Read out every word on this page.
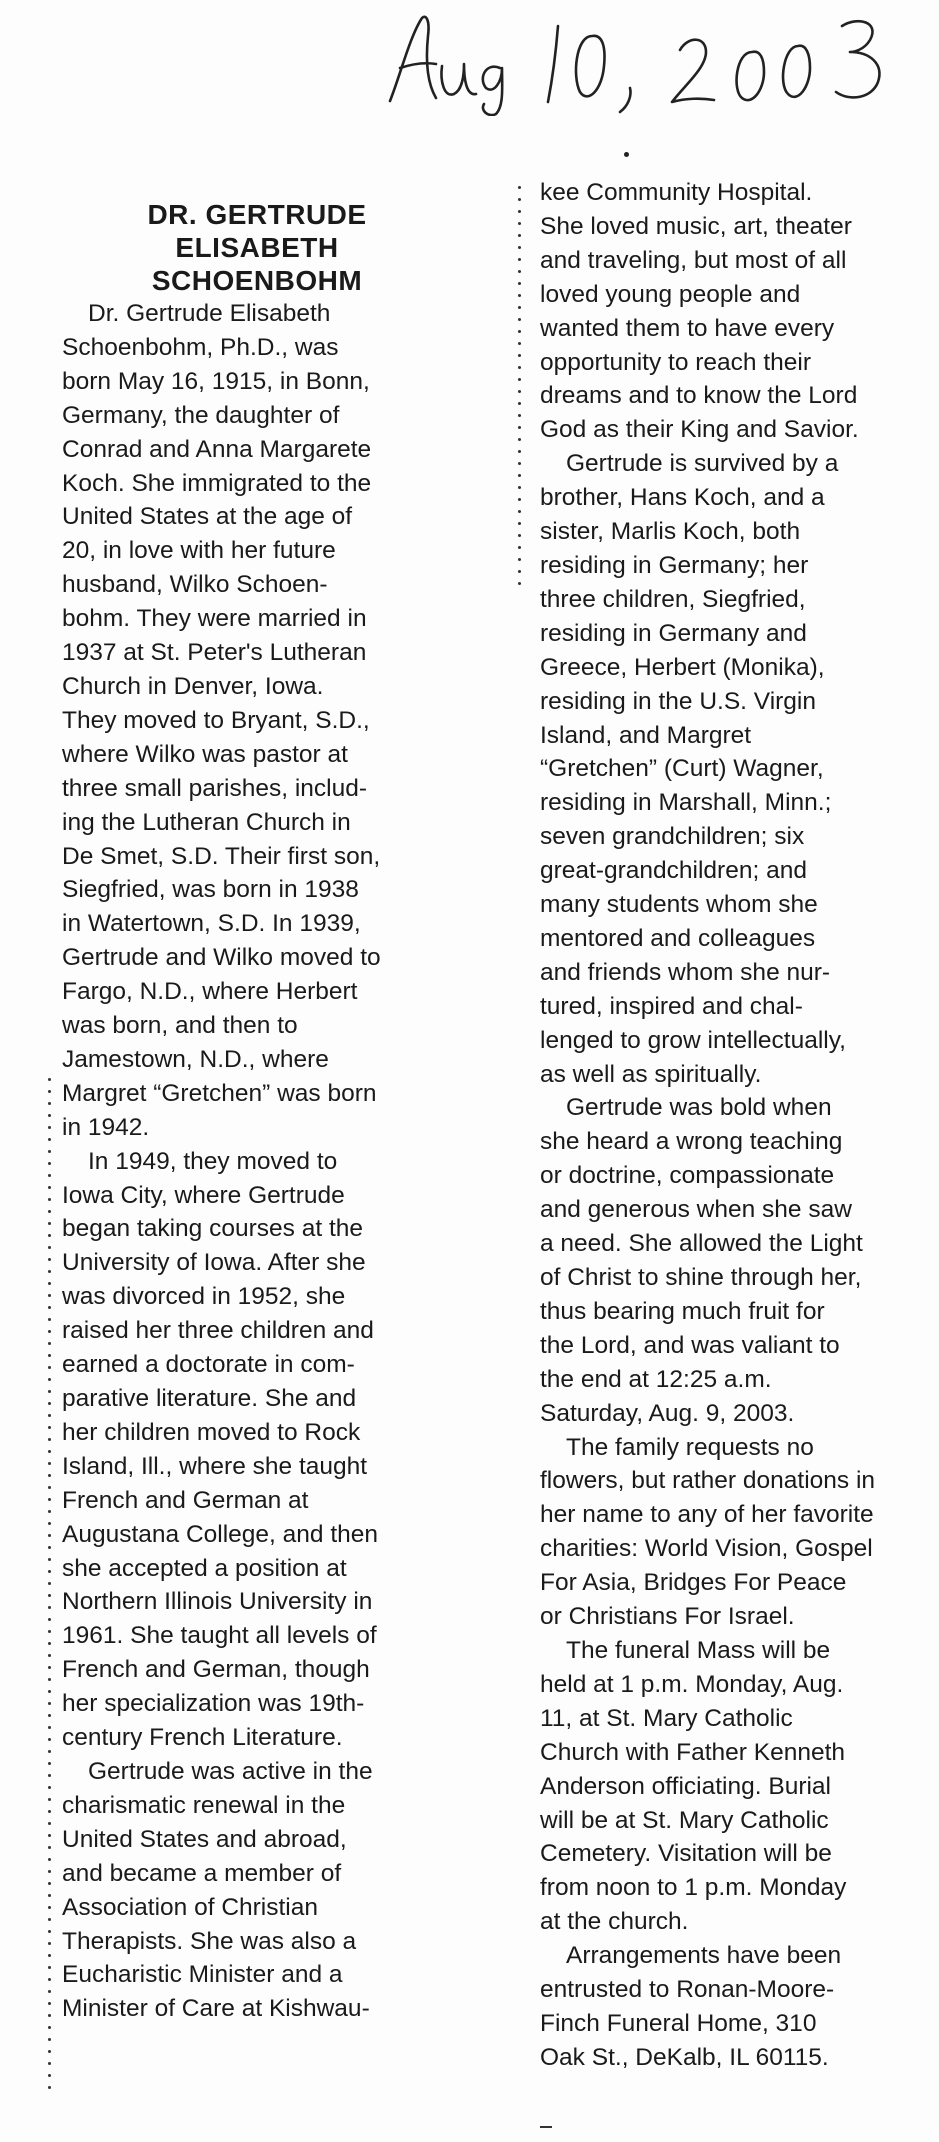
DR. GERTRUDE
ELISABETH
SCHOENBOHM
Dr. Gertrude Elisabeth
Schoenbohm, Ph.D., was
born May 16, 1915, in Bonn,
Germany, the daughter of
Conrad and Anna Margarete
Koch. She immigrated to the
United States at the age of
20, in love with her future
husband, Wilko Schoen-
bohm. They were married in
1937 at St. Peter's Lutheran
Church in Denver, Iowa.
They moved to Bryant, S.D.,
where Wilko was pastor at
three small parishes, includ-
ing the Lutheran Church in
De Smet, S.D. Their first son,
Siegfried, was born in 1938
in Watertown, S.D. In 1939,
Gertrude and Wilko moved to
Fargo, N.D., where Herbert
was born, and then to
Jamestown, N.D., where
Margret “Gretchen” was born
in 1942.
In 1949, they moved to
Iowa City, where Gertrude
began taking courses at the
University of Iowa. After she
was divorced in 1952, she
raised her three children and
earned a doctorate in com-
parative literature. She and
her children moved to Rock
Island, Ill., where she taught
French and German at
Augustana College, and then
she accepted a position at
Northern Illinois University in
1961. She taught all levels of
French and German, though
her specialization was 19th-
century French Literature.
Gertrude was active in the
charismatic renewal in the
United States and abroad,
and became a member of
Association of Christian
Therapists. She was also a
Eucharistic Minister and a
Minister of Care at Kishwau-
kee Community Hospital.
She loved music, art, theater
and traveling, but most of all
loved young people and
wanted them to have every
opportunity to reach their
dreams and to know the Lord
God as their King and Savior.
Gertrude is survived by a
brother, Hans Koch, and a
sister, Marlis Koch, both
residing in Germany; her
three children, Siegfried,
residing in Germany and
Greece, Herbert (Monika),
residing in the U.S. Virgin
Island, and Margret
“Gretchen” (Curt) Wagner,
residing in Marshall, Minn.;
seven grandchildren; six
great-grandchildren; and
many students whom she
mentored and colleagues
and friends whom she nur-
tured, inspired and chal-
lenged to grow intellectually,
as well as spiritually.
Gertrude was bold when
she heard a wrong teaching
or doctrine, compassionate
and generous when she saw
a need. She allowed the Light
of Christ to shine through her,
thus bearing much fruit for
the Lord, and was valiant to
the end at 12:25 a.m.
Saturday, Aug. 9, 2003.
The family requests no
flowers, but rather donations in
her name to any of her favorite
charities: World Vision, Gospel
For Asia, Bridges For Peace
or Christians For Israel.
The funeral Mass will be
held at 1 p.m. Monday, Aug.
11, at St. Mary Catholic
Church with Father Kenneth
Anderson officiating. Burial
will be at St. Mary Catholic
Cemetery. Visitation will be
from noon to 1 p.m. Monday
at the church.
Arrangements have been
entrusted to Ronan-Moore-
Finch Funeral Home, 310
Oak St., DeKalb, IL 60115.
